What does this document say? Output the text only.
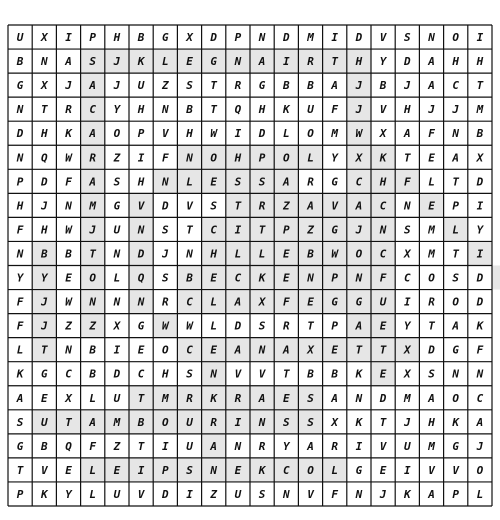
U X I P H B G X D P N D M I D V S N O I
B N A S J K L E G N A I R T H Y D A H H
G X J A J U Z S T R G B B A J B J A C T
N T R C Y H N B T Q H K U F J V H J J M
D H K A O P V H W I D L O M W X A F N B
N Q W R Z I F N O H P O L Y X K T E A X
P D F A S H N L E S S A R G C H F L T D
H J N M G V D V S T R Z A V A C N E P I
F H W J U N S T C I T P Z G J N S M L Y
N B B T N D J N H L L E B W O C X M T I
Y Y E O L Q S B E C K E N P N F C O S D
F J W N N N R C L A X F E G G U I R O D
F J Z Z X G W W L D S R T P A E Y T A K
L T N B I E O C E A N A X E T T X D G F
K G C B D C H S N V V T B B K E X S N N
A E X L U T M R K R A E S A N D M A O C
S U T A M B O U R I N S S X K T J H K A
G B Q F Z T I U A N R Y A R I V U M G J
T V E L E I P S N E K C O L G E I V V O
P K Y L U V D I Z U S N V F N J K A P L
